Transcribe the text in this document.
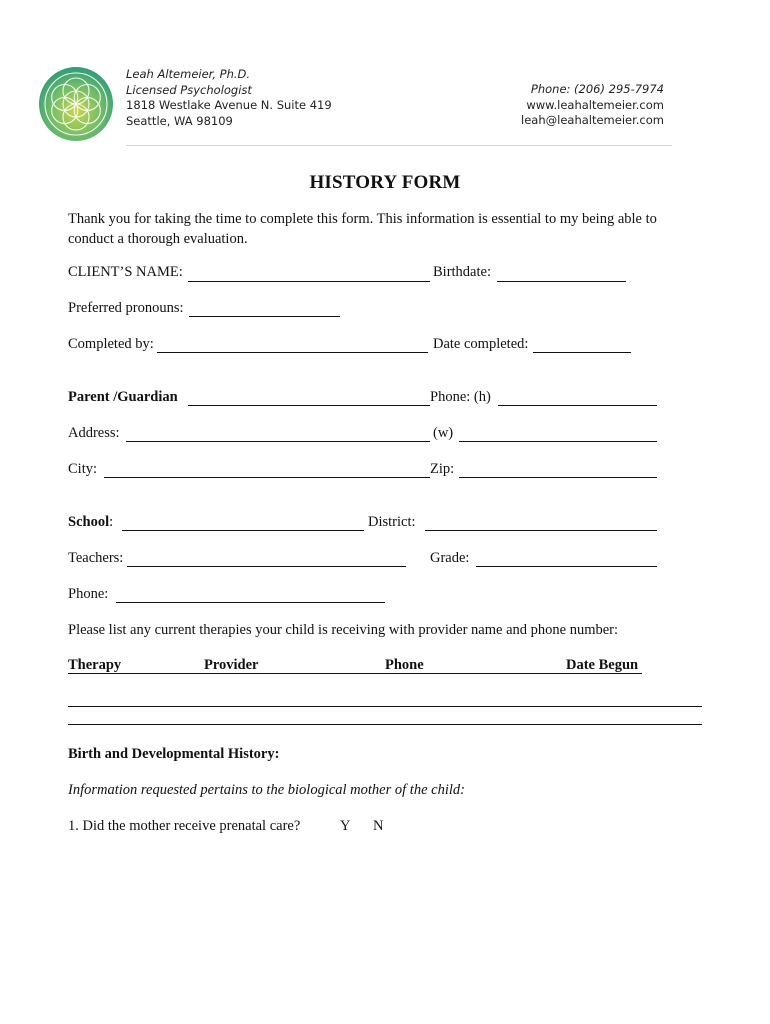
Leah Altemeier, Ph.D.
Licensed Psychologist
1818 Westlake Avenue N. Suite 419
Seattle, WA 98109
Phone: (206) 295-7974
www.leahaltemeier.com
leah@leahaltemeier.com
HISTORY FORM
Thank you for taking the time to complete this form. This information is essential to my being able to conduct a thorough evaluation.
CLIENT’S NAME:	Birthdate:
Preferred pronouns:
Completed by:	Date completed:
Parent /Guardian	Phone: (h)
Address:	(w)
City:	Zip:
School:	District:
Teachers:	Grade:
Phone:
Please list any current therapies your child is receiving with provider name and phone number:
Therapy	Provider	Phone	Date Begun
Birth and Developmental History:
Information requested pertains to the biological mother of the child:
1. Did the mother receive prenatal care?	Y N
